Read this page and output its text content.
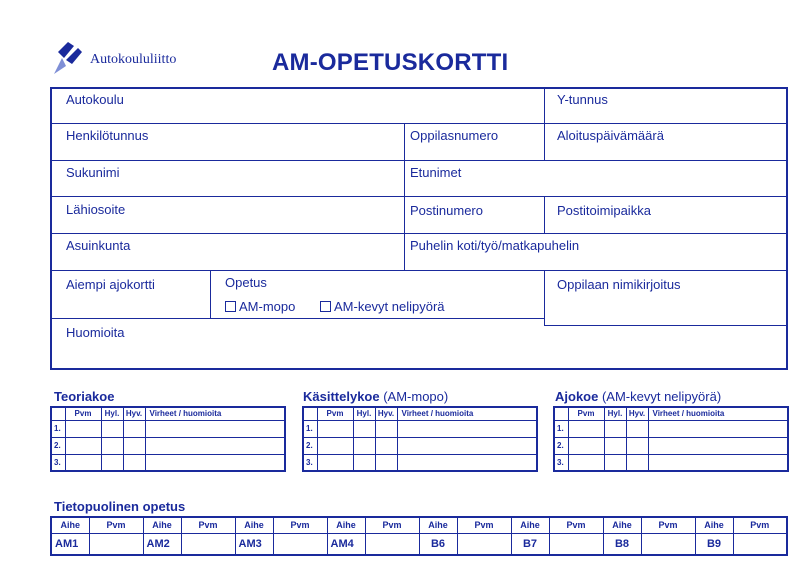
Autokoululiitto	AM-OPETUSKORTTI
Autokoulu	Y-tunnus
Henkilötunnus	Oppilasnumero	Aloituspäivämäärä
Sukunimi	Etunimet
Lähiosoite	Postinumero	Postitoimipaikka
Asuinkunta	Puhelin koti/työ/matkapuhelin
Aiempi ajokortti	Opetus
AM-mopo	AM-kevyt nelipyörä
Oppilaan nimikirjoitus
Huomioita
Teoriakoe
	Pvm	Hyl.	Hyv.	Virheet / huomioita
1.				
2.				
3.				
Käsittelykoe (AM-mopo)
	Pvm	Hyl.	Hyv.	Virheet / huomioita
1.				
2.				
3.				
Ajokoe (AM-kevyt nelipyörä)
	Pvm	Hyl.	Hyv.	Virheet / huomioita
1.				
2.				
3.				
Tietopuolinen opetus
Aihe	Pvm	Aihe	Pvm	Aihe	Pvm	Aihe	Pvm	Aihe	Pvm	Aihe	Pvm	Aihe	Pvm	Aihe	Pvm
AM1		AM2		AM3		AM4		B6		B7		B8		B9	
